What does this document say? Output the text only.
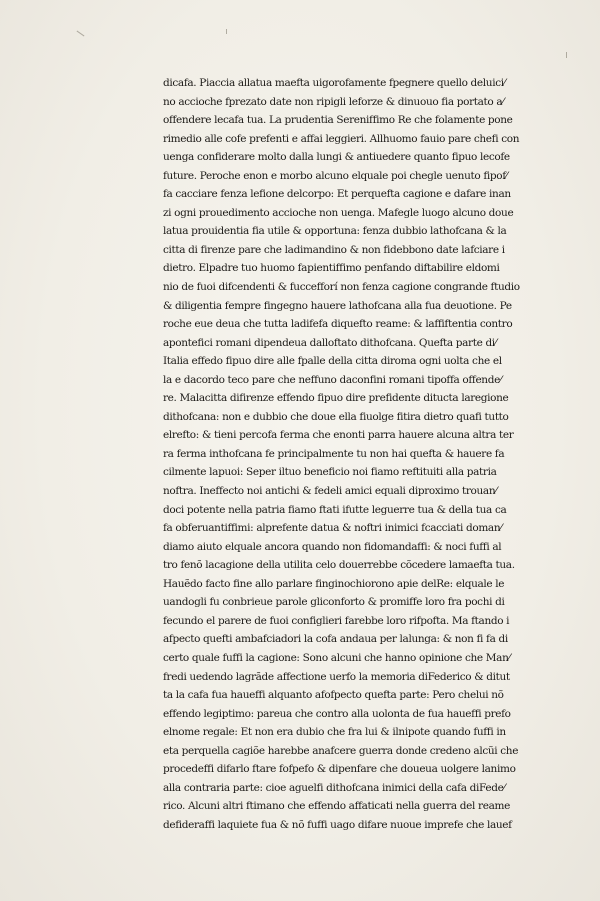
dicafa. Piaccia allatua maefta uigorofamente fpegnere quello deluici⁄
no accioche fprezato date non ripigli leforze & dinuouo fia portato a⁄
offendere lecafa tua. La prudentia Sereniffimo Re che folamente pone
rimedio alle cofe prefenti e affai leggieri. Allhuomo fauio pare chefi con
uenga confiderare molto dalla lungi & antiuedere quanto fipuo lecofe
future. Peroche enon e morbo alcuno elquale poi chegle uenuto fipof⁄
fa cacciare fenza lefione delcorpo: Et perquefta cagione e dafare inan
zi ogni prouedimento accioche non uenga. Mafegle luogo alcuno doue
latua prouidentia fia utile & opportuna: fenza dubbio lathofcana & la
citta di firenze pare che ladimandino & non fidebbono date lafciare i
dietro. Elpadre tuo huomo fapientiffimo penfando diftabilire eldomi
nio de fuoi difcendenti & fuccefforí non fenza cagione congrande ftudio
& diligentia fempre fingegno hauere lathofcana alla fua deuotione. Pe
roche eue deua che tutta ladifefa diquefto reame: & laffiftentia contro
apontefici romani dipendeua dalloftato dithofcana. Quefta parte di⁄
Italia effedo fipuo dire alle fpalle della citta diroma ogni uolta che el
la e dacordo teco pare che neffuno daconfini romani tipoffa offende⁄
re. Malacitta difirenze effendo fipuo dire prefidente ditucta laregione
dithofcana: non e dubbio che doue ella fiuolge fitira dietro quafi tutto
elrefto: & tieni percofa ferma che enonti parra hauere alcuna altra ter
ra ferma inthofcana fe principalmente tu non hai quefta & hauere fa
cilmente lapuoi: Seper iltuo beneficio noi fiamo reftituiti alla patria
noftra. Ineffecto noi antichi & fedeli amici equali diproximo trouan⁄
doci potente nella patria fiamo ftati ifutte leguerre tua & della tua ca
fa obferuantiffimi: alprefente datua & noftri inimici fcacciati doman⁄
diamo aiuto elquale ancora quando non fidomandaffi: & noci fuffi al
tro fenõ lacagione della utilita celo douerrebbe cõcedere lamaefta tua.
Hauẽdo facto fine allo parlare finginochiorono apie delRe: elquale le
uandogli fu conbrieue parole gliconforto & promiffe loro fra pochi di
fecundo el parere de fuoi configlieri farebbe loro rifpofta. Ma ftando i
afpecto quefti ambafciadori la cofa andaua per lalunga: & non fi fa di
certo quale fuffi la cagione: Sono alcuni che hanno opinione che Man⁄
fredi uedendo lagrãde affectione uerfo la memoria diFederico & ditut
ta la cafa fua haueffi alquanto afofpecto quefta parte: Pero chelui nõ
effendo legiptimo: pareua che contro alla uolonta de fua haueffi prefo
elnome regale: Et non era dubio che fra lui & ilnipote quando fuffi in
eta perquella cagiõe harebbe anafcere guerra donde credeno alcũi che
procedeffi difarlo ftare fofpefo & dipenfare che doueua uolgere lanimo
alla contraria parte: cioe aguelfi dithofcana inimici della cafa diFede⁄
rico. Alcuni altri ftimano che effendo affaticati nella guerra del reame
defideraffi laquiete fua & nõ fuffi uago difare nuoue imprefe che lauef
